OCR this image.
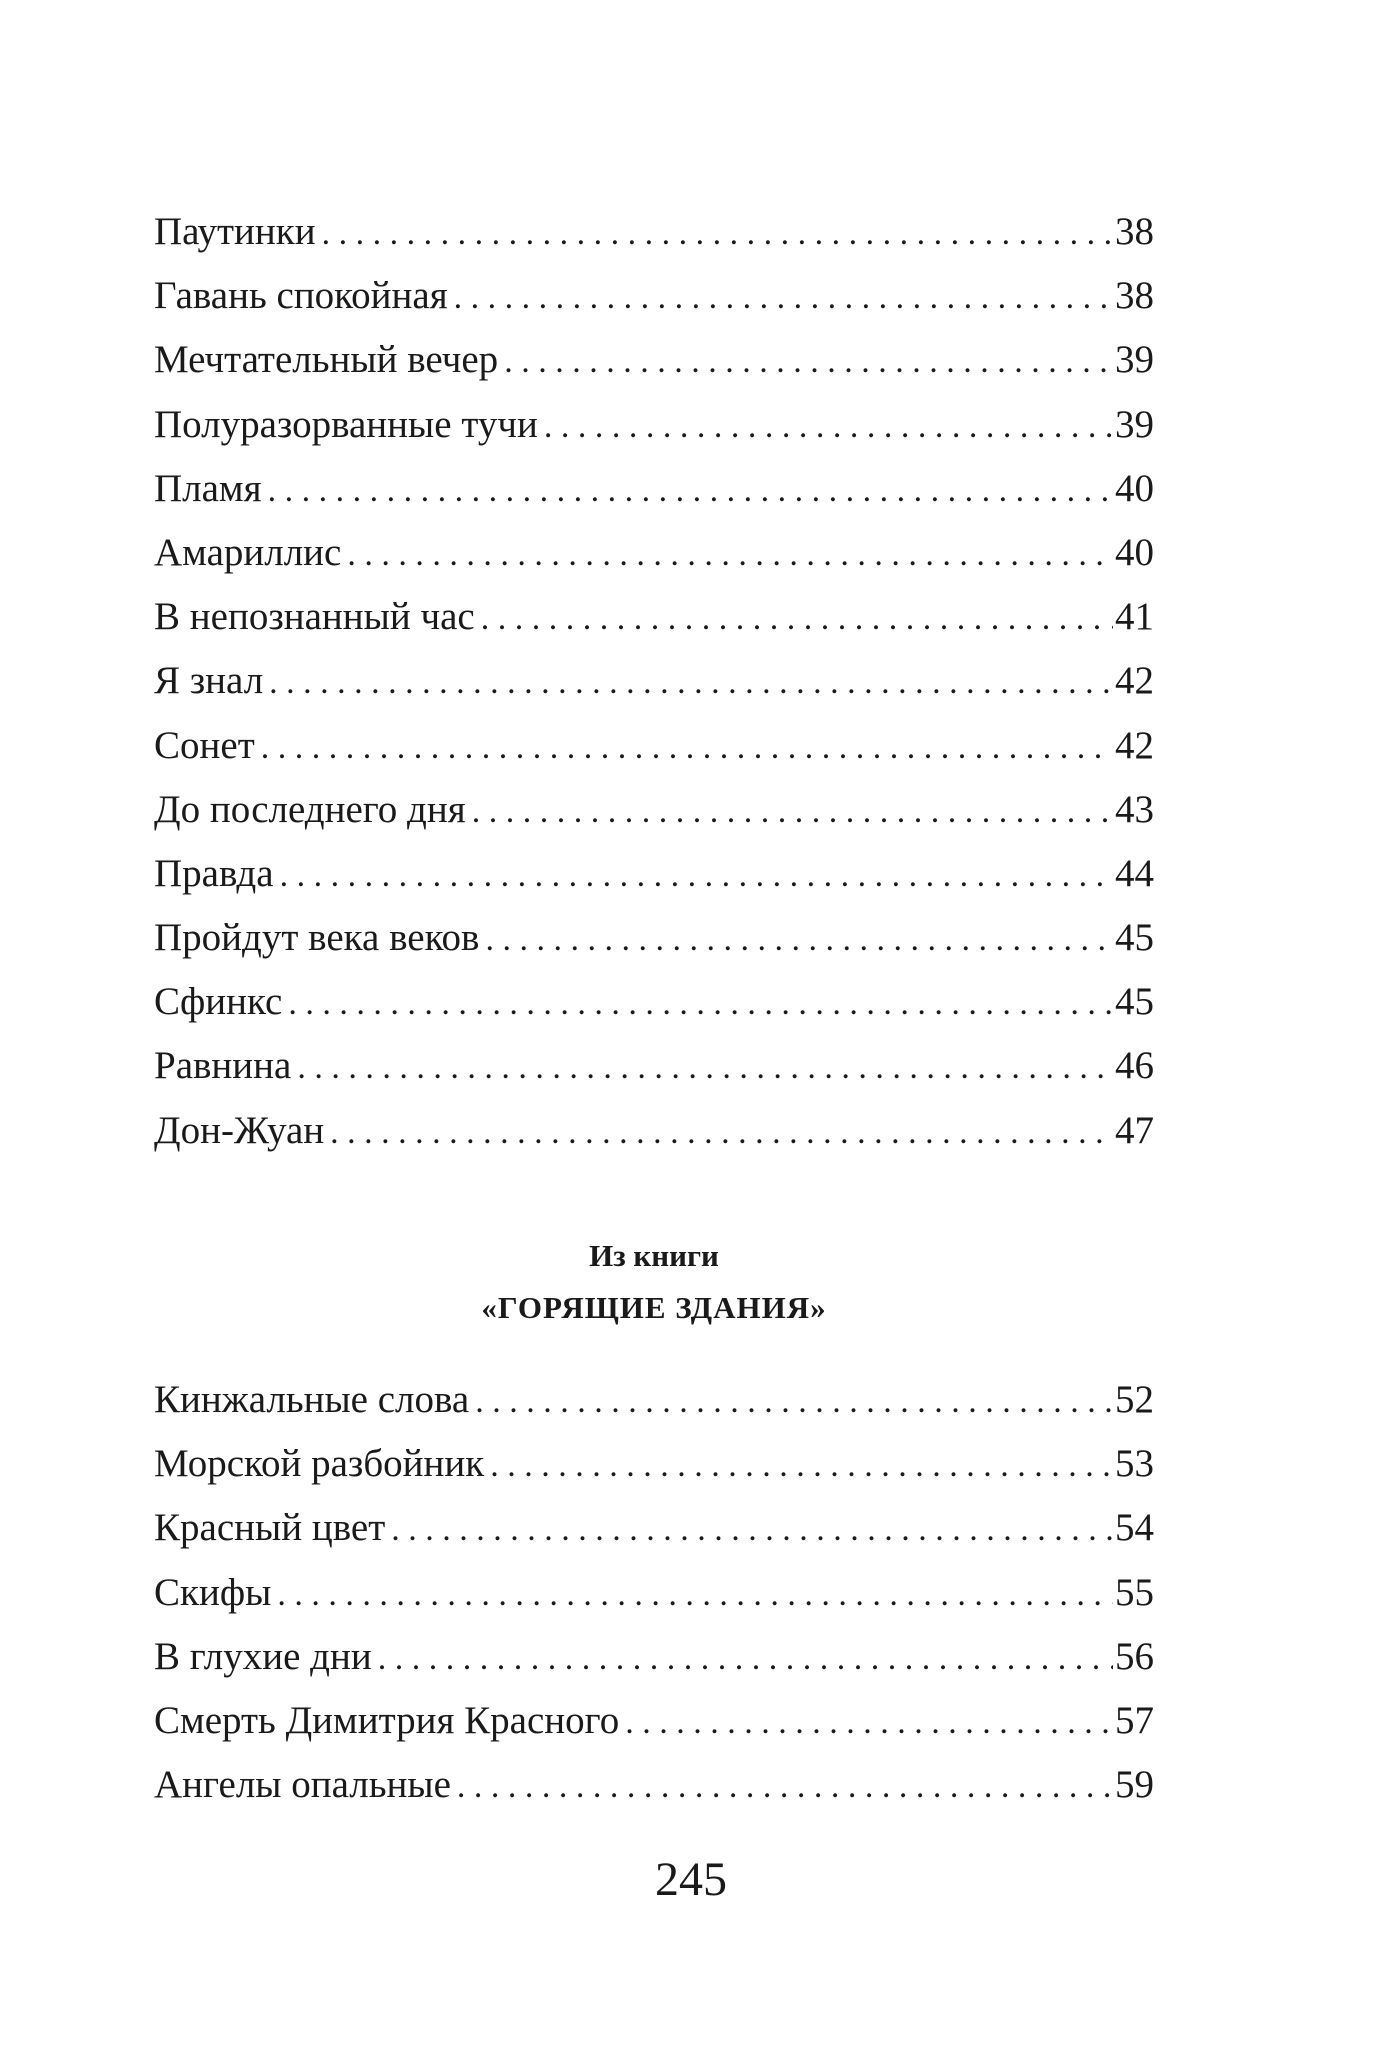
Паутинки . . .	38
Гавань спокойная . . .	38
Мечтательный вечер . . .	39
Полуразорванные тучи . . .	39
Пламя . . .	40
Амариллис . . .	40
В непознанный час . . .	41
Я знал . . .	42
Сонет . . .	42
До последнего дня . . .	43
Правда . . .	44
Пройдут века веков . . .	45
Сфинкс . . .	45
Равнина . . .	46
Дон-Жуан . . .	47
Из книги
«ГОРЯЩИЕ ЗДАНИЯ»
Кинжальные слова . . .	52
Морской разбойник . . .	53
Красный цвет . . .	54
Скифы . . .	55
В глухие дни . . .	56
Смерть Димитрия Красного . . .	57
Ангелы опальные . . .	59
245
